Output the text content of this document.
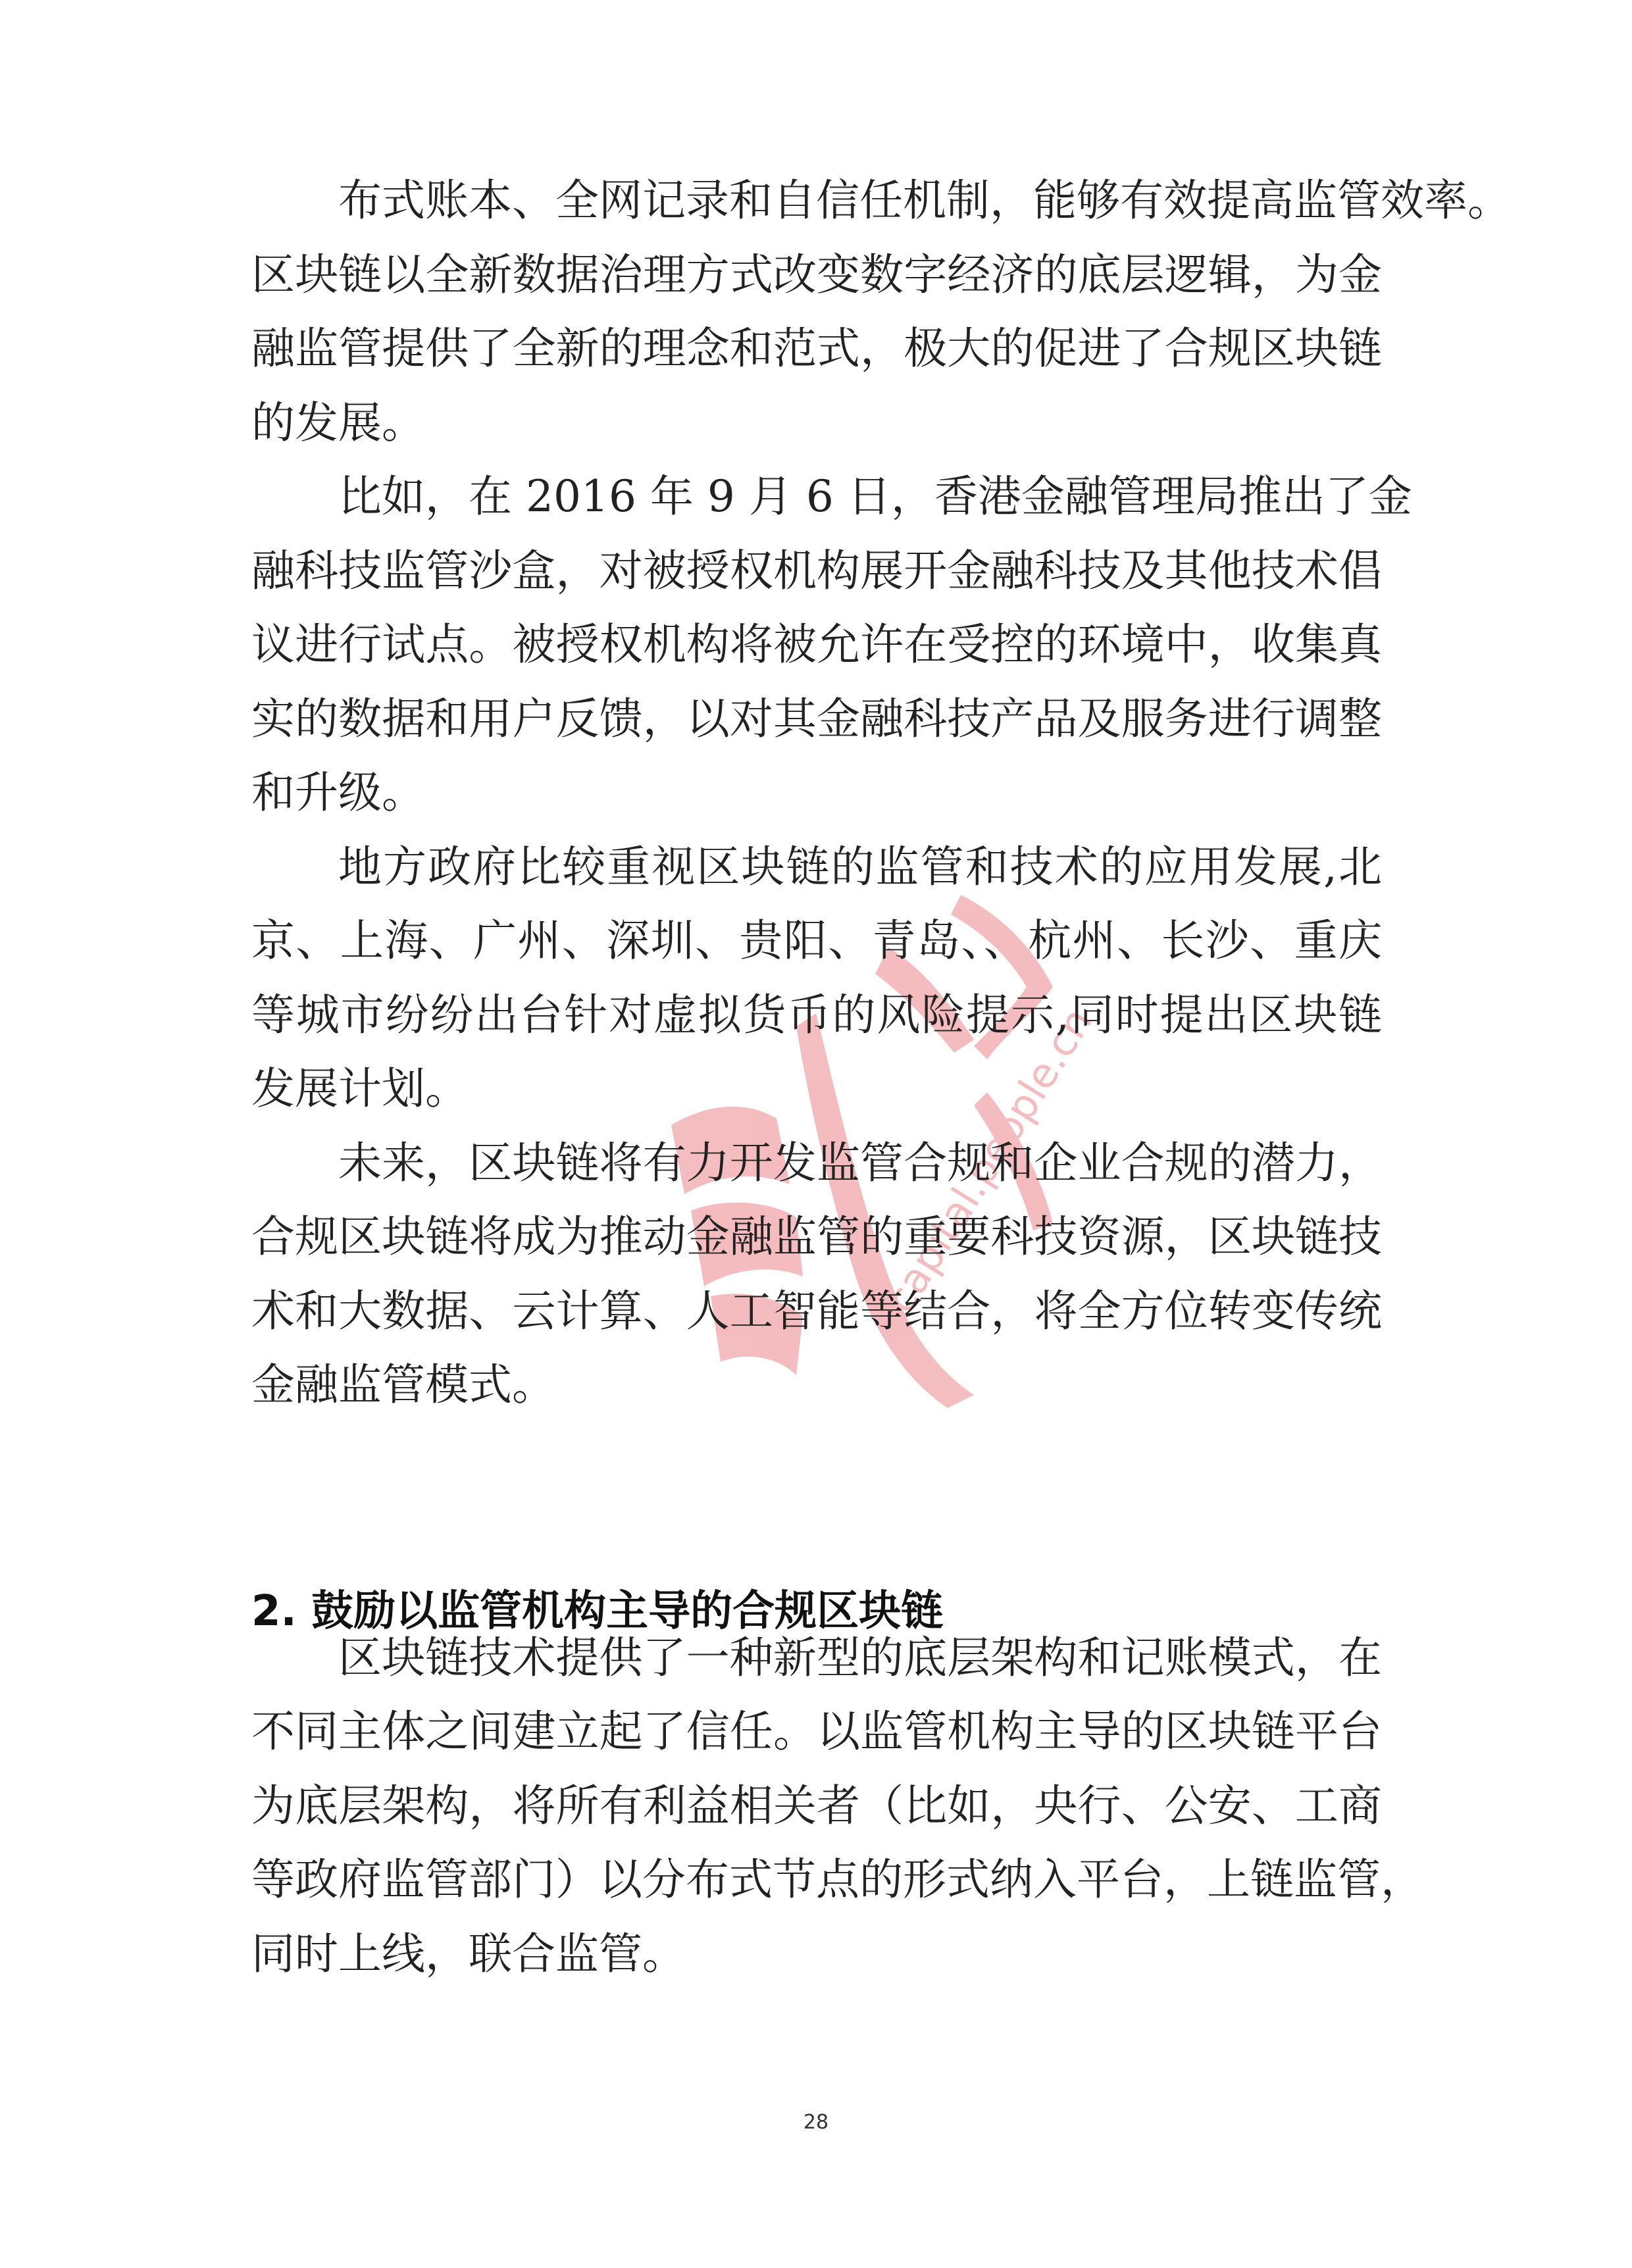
capital.people.cn
布式账本、全网记录和自信任机制，能够有效提高监管效率。
区块链以全新数据治理方式改变数字经济的底层逻辑，为金
融监管提供了全新的理念和范式，极大的促进了合规区块链
的发展。
比如，在 2016 年 9 月 6 日，香港金融管理局推出了金
融科技监管沙盒，对被授权机构展开金融科技及其他技术倡
议进行试点。被授权机构将被允许在受控的环境中，收集真
实的数据和用户反馈，以对其金融科技产品及服务进行调整
和升级。
地方政府比较重视区块链的监管和技术的应用发展,北
京、上海、广州、深圳、贵阳、青岛、、杭州、长沙、重庆
等城市纷纷出台针对虚拟货币的风险提示,同时提出区块链
发展计划。
未来，区块链将有力开发监管合规和企业合规的潜力，
合规区块链将成为推动金融监管的重要科技资源，区块链技
术和大数据、云计算、人工智能等结合，将全方位转变传统
金融监管模式。
区块链技术提供了一种新型的底层架构和记账模式，在
不同主体之间建立起了信任。以监管机构主导的区块链平台
为底层架构，将所有利益相关者（比如，央行、公安、工商
等政府监管部门）以分布式节点的形式纳入平台，上链监管，
同时上线，联合监管。
2. 鼓励以监管机构主导的合规区块链
28
